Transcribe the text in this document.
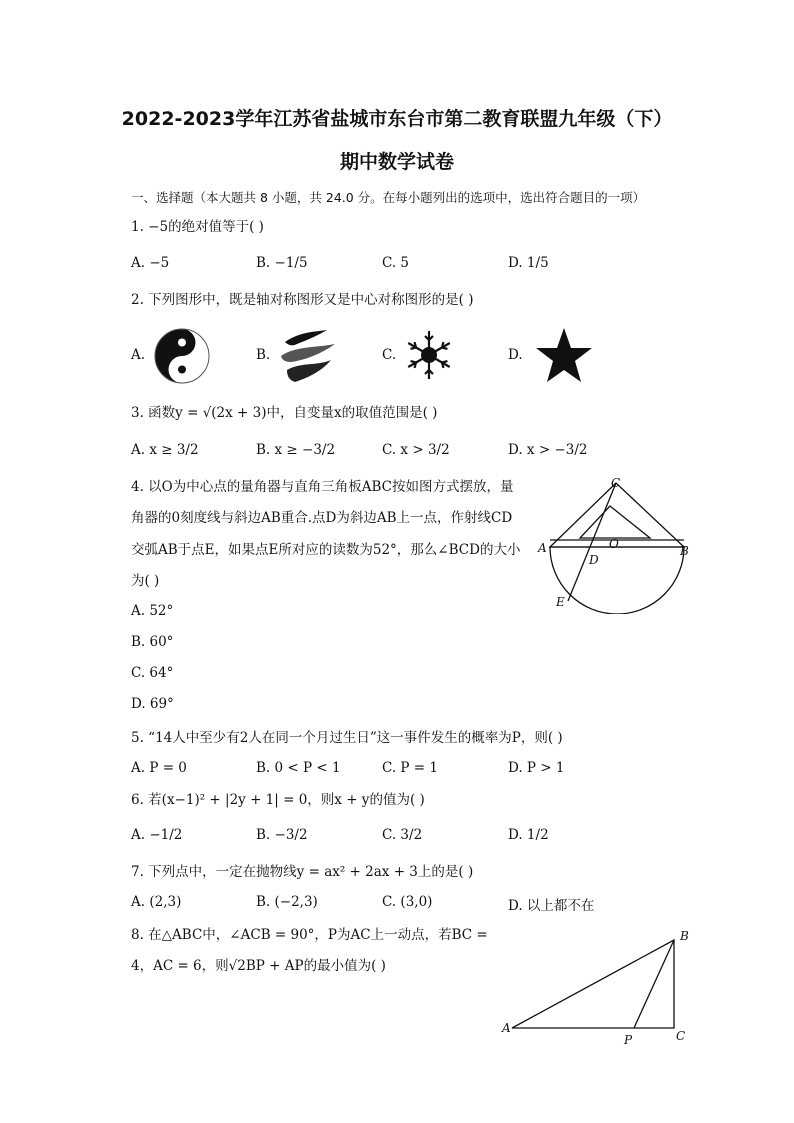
2022-2023学年江苏省盐城市东台市第二教育联盟九年级（下）
期中数学试卷
一、选择题（本大题共 8 小题，共 24.0 分。在每小题列出的选项中，选出符合题目的一项）
1. −5的绝对值等于( )
A. −5	B. −1/5	C. 5	D. 1/5
2. 下列图形中，既是轴对称图形又是中心对称图形的是( )
A.	B.	C.	D.
3. 函数y = √(2x + 3)中，自变量x的取值范围是( )
A. x ≥ 3/2	B. x ≥ −3/2	C. x > 3/2	D. x > −3/2
4. 以O为中心点的量角器与直角三角板ABC按如图方式摆放，量
角器的0刻度线与斜边AB重合.点D为斜边AB上一点，作射线CD
交弧AB于点E，如果点E所对应的读数为52°，那么∠BCD的大小
为( )
A. 52°
B. 60°
C. 64°
D. 69°
C
O
A	B
D
E
5. “14人中至少有2人在同一个月过生日”这一事件发生的概率为P，则( )
A. P = 0	B. 0 < P < 1	C. P = 1	D. P > 1
6. 若(x−1)² + |2y + 1| = 0，则x + y的值为( )
A. −1/2	B. −3/2	C. 3/2	D. 1/2
7. 下列点中，一定在抛物线y = ax² + 2ax + 3上的是( )
A. (2,3)	B. (−2,3)	C. (3,0)	D. 以上都不在
8. 在△ABC中，∠ACB = 90°，P为AC上一动点，若BC =
4，AC = 6，则√2BP + AP的最小值为( )
B
A
P	C
